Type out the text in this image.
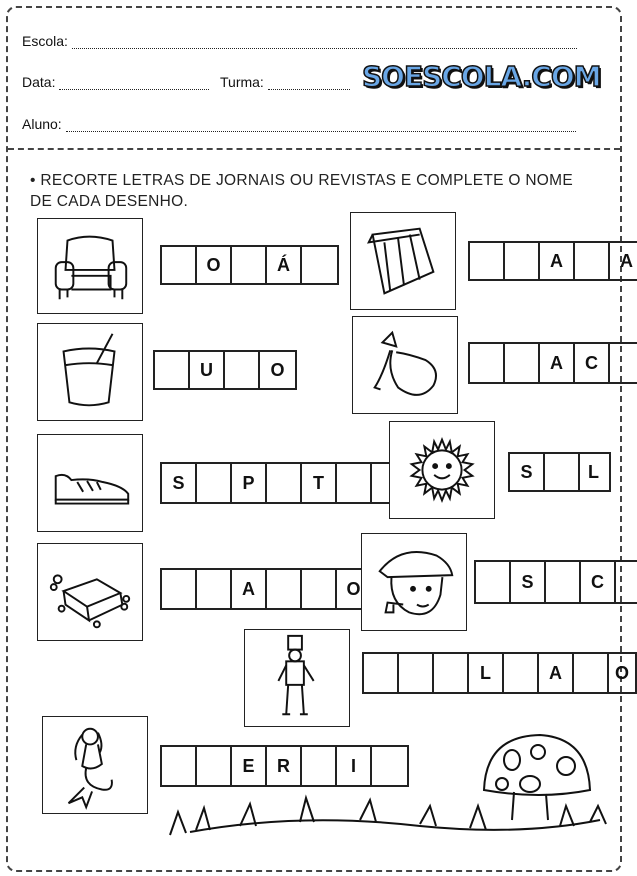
Escola:
Data:	Turma:	SOESCOLA.COM
Aluno:
• RECORTE LETRAS DE JORNAIS OU REVISTAS E COMPLETE O NOME
DE CADA DESENHO.
O	Á	A	A
U	O	A	C
S	P	T
S	L
A	O	S	C
L	A	O
E	R	I
